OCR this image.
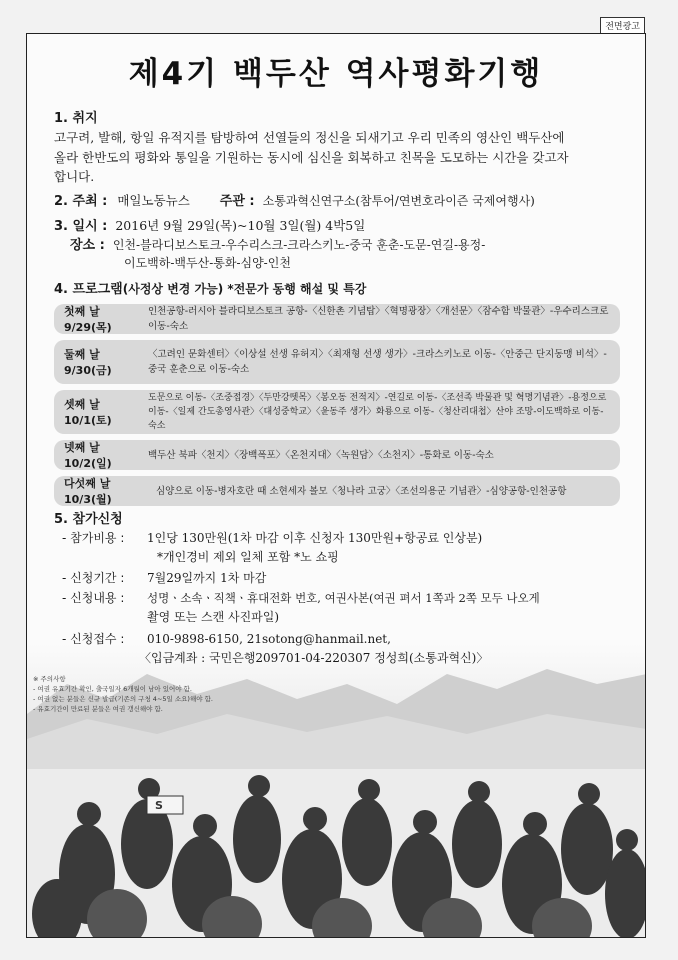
전면광고
제4기 백두산 역사평화기행
1. 취지
고구려, 발해, 항일 유적지를 탐방하여 선열들의 정신을 되새기고 우리 민족의 영산인 백두산에
올라 한반도의 평화와 통일을 기원하는 동시에 심신을 회복하고 친목을 도모하는 시간을 갖고자
합니다.
2. 주최 : 매일노동뉴스 주관 : 소통과혁신연구소(참투어/연변호라이즌 국제여행사)
3. 일시 : 2016년 9월 29일(목)~10월 3일(월) 4박5일
장소 : 인천-블라디보스토크-우수리스크-크라스키노-중국 훈춘-도문-연길-용정-
이도백하-백두산-통화-심양-인천
4. 프로그램(사정상 변경 가능) *전문가 동행 해설 및 특강
첫째 날 9/29(목)
인천공항-러시아 블라디보스토크 공항-〈신한촌 기념탑〉〈혁명광장〉〈개선문〉〈잠수함 박물관〉-우수리스크로 이동-숙소
둘째 날 9/30(금)
〈고려인 문화센터〉〈이상설 선생 유허지〉〈최재형 선생 생가〉-크라스키노로 이동-〈안중근 단지동맹 비석〉-중국 훈춘으로 이동-숙소
셋째 날 10/1(토)
도문으로 이동-〈조중접경〉〈두만강뗏목〉〈봉오동 전적지〉-연길로 이동-〈조선족 박물관 및 혁명기념관〉-용정으로 이동-〈일제 간도총영사관〉〈대성중학교〉〈윤동주 생가〉화룡으로 이동-〈청산리대첩〉산야 조망-이도백하로 이동-숙소
넷째 날 10/2(일)
백두산 북파〈천지〉〈장백폭포〉〈온천지대〉〈녹원담〉〈소천지〉-통화로 이동-숙소
다섯째 날 10/3(월)
심양으로 이동-병자호란 때 소현세자 볼모〈청나라 고궁〉〈조선의용군 기념관〉-심양공항-인천공항
S
5. 참가신청
- 참가비용 : 1인당 130만원(1차 마감 이후 신청자 130만원+항공료 인상분)
*개인경비 제외 일체 포함 *노 쇼핑
- 신청기간 : 7월29일까지 1차 마감
- 신청내용 : 성명ㆍ소속ㆍ직책ㆍ휴대전화 번호, 여권사본(여권 펴서 1쪽과 2쪽 모두 나오게
촬영 또는 스캔 사진파일)
- 신청접수 : 010-9898-6150, 21sotong@hanmail.net,
〈입금계좌 : 국민은행209701-04-220307 정성희(소통과혁신)〉
※ 주의사항
- 여권 유효기간 확인, 출국일자 6개월이 남아 있어야 함.
- 여권 없는 분들은 신규 발급(기존의 구청 4~5일 소요)해야 함.
- 유효기간이 만료된 분들은 여권 갱신해야 함.
